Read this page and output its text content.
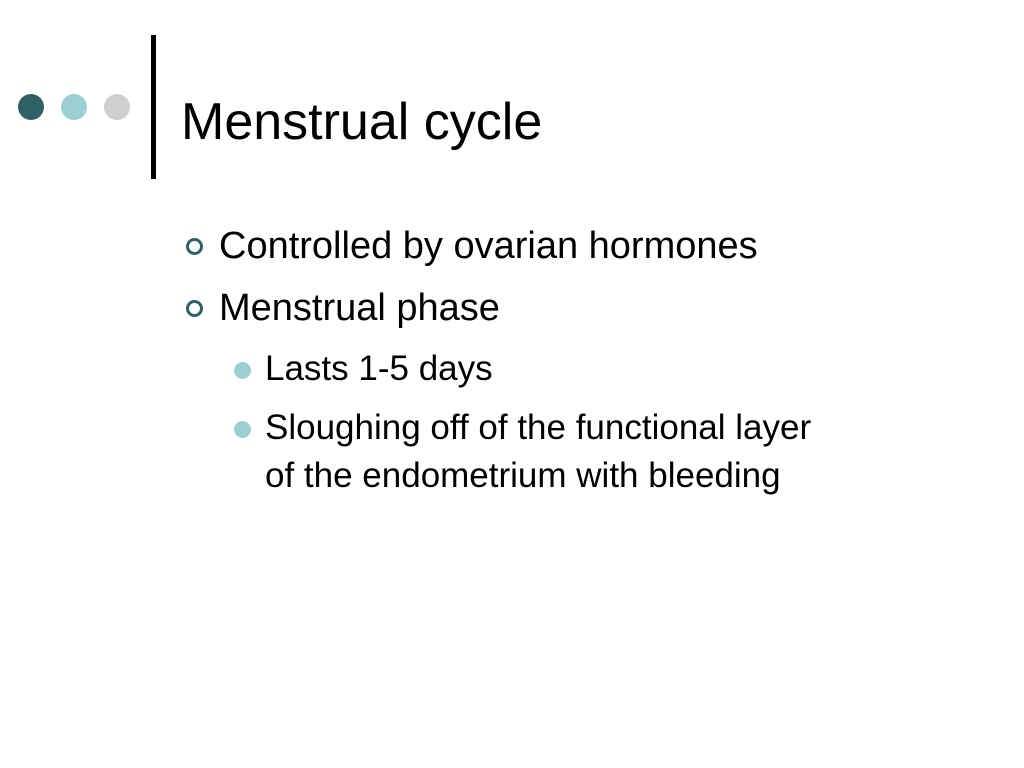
Menstrual cycle
Controlled by ovarian hormones
Menstrual phase
Lasts 1-5 days
Sloughing off of the functional layer
of the endometrium with bleeding
